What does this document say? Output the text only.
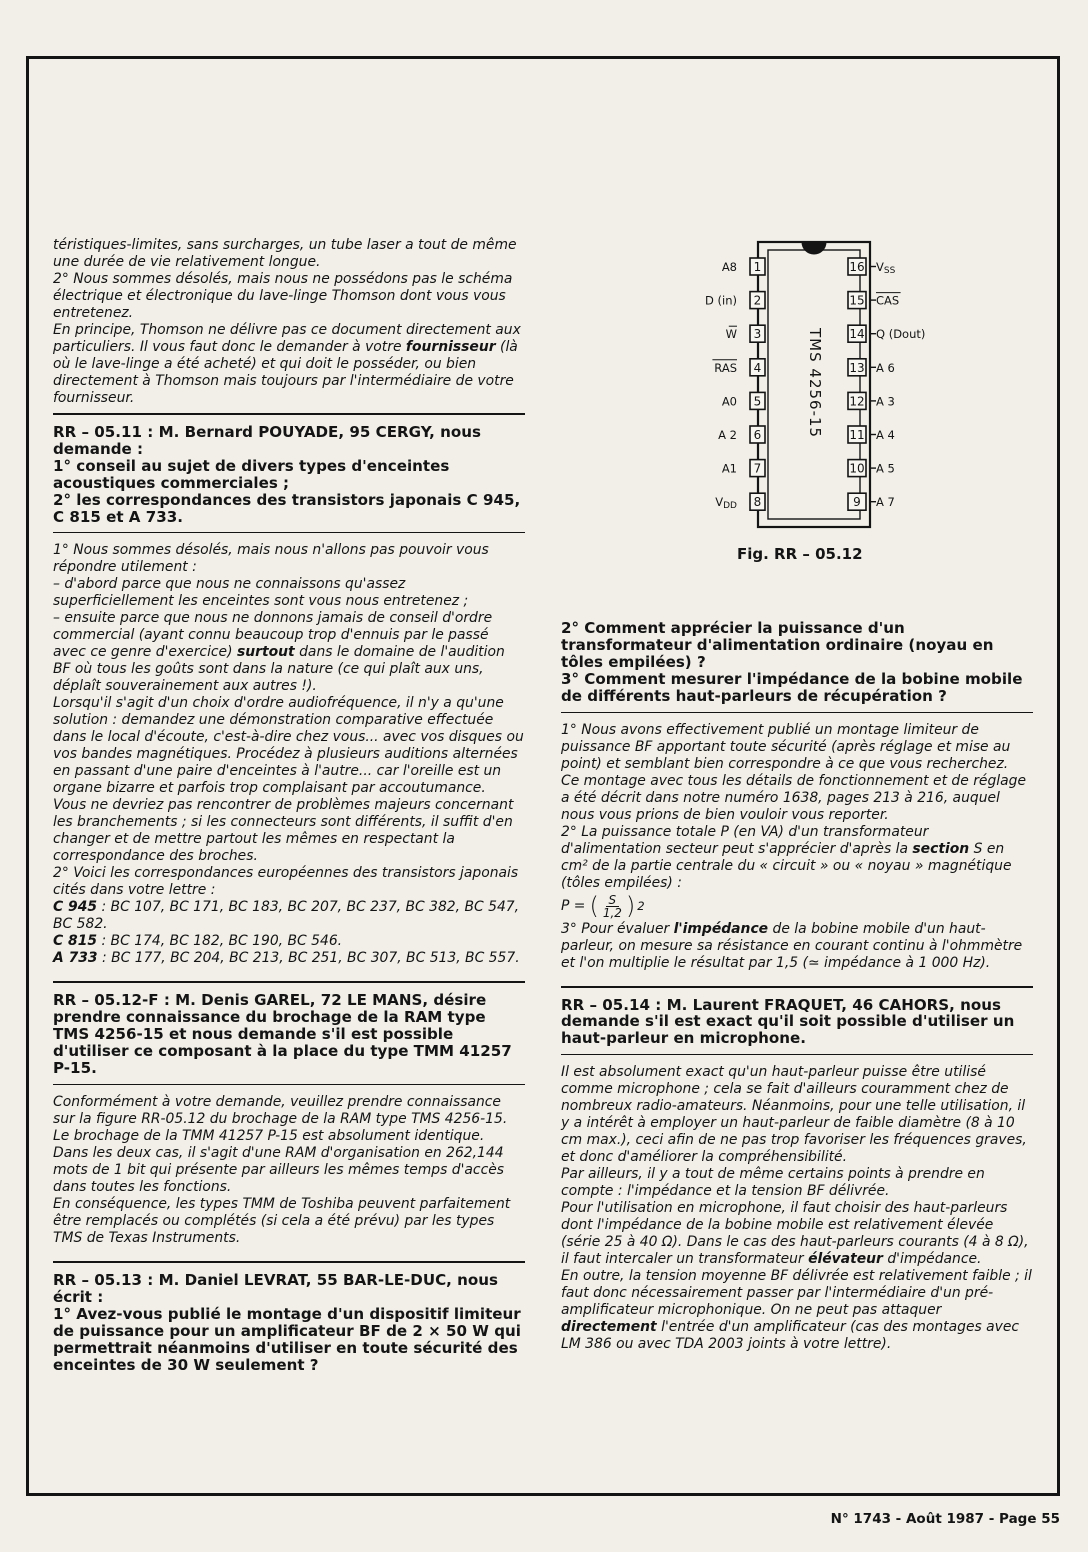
téristiques-limites, sans surcharges, un tube laser a tout de même une durée de vie relativement longue.

2° Nous sommes désolés, mais nous ne possédons pas le schéma électrique et électronique du lave-linge Thomson dont vous vous entretenez.

En principe, Thomson ne délivre pas ce document directement aux particuliers. Il vous faut donc le demander à votre fournisseur (là où le lave-linge a été acheté) et qui doit le posséder, ou bien directement à Thomson mais toujours par l'intermédiaire de votre fournisseur.

RR – 05.11 : M. Bernard POUYADE, 95 CERGY, nous demande :

1° conseil au sujet de divers types d'enceintes acoustiques commerciales ;

2° les correspondances des transistors japonais C 945, C 815 et A 733.

1° Nous sommes désolés, mais nous n'allons pas pouvoir vous répondre utilement :

– d'abord parce que nous ne connaissons qu'assez superficiellement les enceintes sont vous nous entretenez ;

– ensuite parce que nous ne donnons jamais de conseil d'ordre commercial (ayant connu beaucoup trop d'ennuis par le passé avec ce genre d'exercice) surtout dans le domaine de l'audition BF où tous les goûts sont dans la nature (ce qui plaît aux uns, déplaît souverainement aux autres !).

Lorsqu'il s'agit d'un choix d'ordre audiofréquence, il n'y a qu'une solution : demandez une démonstration comparative effectuée dans le local d'écoute, c'est-à-dire chez vous... avec vos disques ou vos bandes magnétiques. Procédez à plusieurs auditions alternées en passant d'une paire d'enceintes à l'autre... car l'oreille est un organe bizarre et parfois trop complaisant par accoutumance.

Vous ne devriez pas rencontrer de problèmes majeurs concernant les branchements ; si les connecteurs sont différents, il suffit d'en changer et de mettre partout les mêmes en respectant la correspondance des broches.

2° Voici les correspondances européennes des transistors japonais cités dans votre lettre :

C 945 : BC 107, BC 171, BC 183, BC 207, BC 237, BC 382, BC 547, BC 582.

C 815 : BC 174, BC 182, BC 190, BC 546.

A 733 : BC 177, BC 204, BC 213, BC 251, BC 307, BC 513, BC 557.

RR – 05.12-F : M. Denis GAREL, 72 LE MANS, désire prendre connaissance du brochage de la RAM type TMS 4256-15 et nous demande s'il est possible d'utiliser ce composant à la place du type TMM 41257 P-15.

Conformément à votre demande, veuillez prendre connaissance sur la figure RR-05.12 du brochage de la RAM type TMS 4256-15. Le brochage de la TMM 41257 P-15 est absolument identique.

Dans les deux cas, il s'agit d'une RAM d'organisation en 262,144 mots de 1 bit qui présente par ailleurs les mêmes temps d'accès dans toutes les fonctions.

En conséquence, les types TMM de Toshiba peuvent parfaitement être remplacés ou complétés (si cela a été prévu) par les types TMS de Texas Instruments.

RR – 05.13 : M. Daniel LEVRAT, 55 BAR-LE-DUC, nous écrit :

1° Avez-vous publié le montage d'un dispositif limiteur de puissance pour un amplificateur BF de 2 × 50 W qui permettrait néanmoins d'utiliser en toute sécurité des enceintes de 30 W seulement ?

TMS 4256-15
1
A8
2
D (in)
3
W
4
RAS
5
A0
6
A 2
7
A1
8
VDD
16 VSS
15 CAS
14 Q (Dout)
13 A 6
12 A 3
11 A 4
10 A 5
9 A 7
Fig. RR – 05.12

2° Comment apprécier la puissance d'un transformateur d'alimentation ordinaire (noyau en tôles empilées) ?

3° Comment mesurer l'impédance de la bobine mobile de différents haut-parleurs de récupération ?

1° Nous avons effectivement publié un montage limiteur de puissance BF apportant toute sécurité (après réglage et mise au point) et semblant bien correspondre à ce que vous recherchez.

Ce montage avec tous les détails de fonctionnement et de réglage a été décrit dans notre numéro 1638, pages 213 à 216, auquel nous vous prions de bien vouloir vous reporter.

2° La puissance totale P (en VA) d'un transformateur d'alimentation secteur peut s'apprécier d'après la section S en cm² de la partie centrale du « circuit » ou « noyau » magnétique (tôles empilées) :

P = ( $\frac{S}{1,2}$ ) 2

3° Pour évaluer l'impédance de la bobine mobile d'un haut-parleur, on mesure sa résistance en courant continu à l'ohmmètre et l'on multiplie le résultat par 1,5 (≃ impédance à 1 000 Hz).

RR – 05.14 : M. Laurent FRAQUET, 46 CAHORS, nous demande s'il est exact qu'il soit possible d'utiliser un haut-parleur en microphone.

Il est absolument exact qu'un haut-parleur puisse être utilisé comme microphone ; cela se fait d'ailleurs couramment chez de nombreux radio-amateurs. Néanmoins, pour une telle utilisation, il y a intérêt à employer un haut-parleur de faible diamètre (8 à 10 cm max.), ceci afin de ne pas trop favoriser les fréquences graves, et donc d'améliorer la compréhensibilité.

Par ailleurs, il y a tout de même certains points à prendre en compte : l'impédance et la tension BF délivrée.

Pour l'utilisation en microphone, il faut choisir des haut-parleurs dont l'impédance de la bobine mobile est relativement élevée (série 25 à 40 Ω). Dans le cas des haut-parleurs courants (4 à 8 Ω), il faut intercaler un transformateur élévateur d'impédance.

En outre, la tension moyenne BF délivrée est relativement faible ; il faut donc nécessairement passer par l'intermédiaire d'un pré-amplificateur microphonique. On ne peut pas attaquer directement l'entrée d'un amplificateur (cas des montages avec LM 386 ou avec TDA 2003 joints à votre lettre).

N° 1743 - Août 1987 - Page 55
